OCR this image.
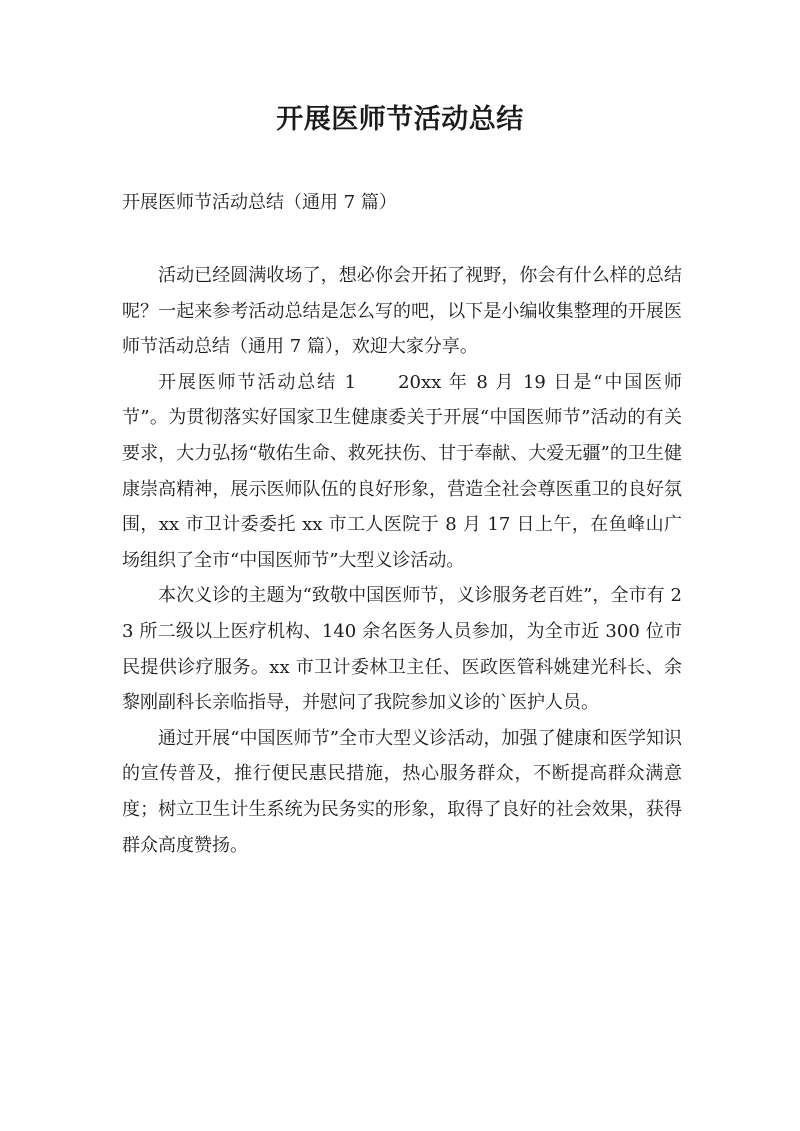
开展医师节活动总结

开展医师节活动总结（通用 7 篇）

活动已经圆满收场了，想必你会开拓了视野，你会有什么样的总结呢？一起来参考活动总结是怎么写的吧，以下是小编收集整理的开展医师节活动总结（通用 7 篇），欢迎大家分享。

开展医师节活动总结 1 20xx 年 8 月 19 日是“中国医师节”。为贯彻落实好国家卫生健康委关于开展“中国医师节”活动的有关要求，大力弘扬“敬佑生命、救死扶伤、甘于奉献、大爱无疆”的卫生健康崇高精神，展示医师队伍的良好形象，营造全社会尊医重卫的良好氛围，xx 市卫计委委托 xx 市工人医院于 8 月 17 日上午，在鱼峰山广场组织了全市“中国医师节”大型义诊活动。

本次义诊的主题为“致敬中国医师节，义诊服务老百姓”，全市有 23 所二级以上医疗机构、140 余名医务人员参加，为全市近 300 位市民提供诊疗服务。xx 市卫计委林卫主任、医政医管科姚建光科长、余黎刚副科长亲临指导，并慰问了我院参加义诊的`医护人员。

通过开展“中国医师节”全市大型义诊活动，加强了健康和医学知识的宣传普及，推行便民惠民措施，热心服务群众，不断提高群众满意度；树立卫生计生系统为民务实的形象，取得了良好的社会效果，获得群众高度赞扬。
